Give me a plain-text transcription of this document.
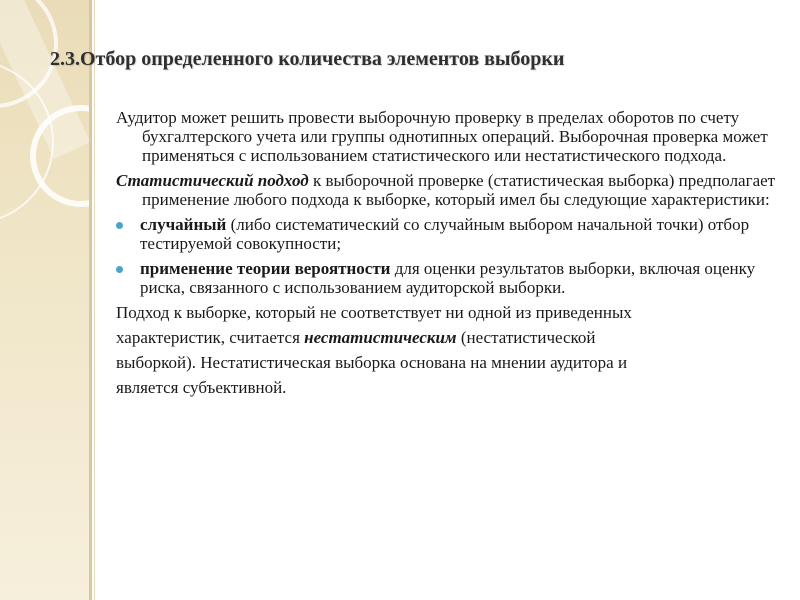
2.3.Отбор определенного количества элементов выборки

Аудитор может решить провести выборочную проверку в пределах оборотов по счету бухгалтерского учета или группы однотипных операций. Выборочная проверка может применяться с использованием статистического или нестатистического подхода.

Статистический подход к выборочной проверке (статистическая выборка) предполагает применение любого подхода к выборке, который имел бы следующие характеристики:

случайный (либо систематический со случайным выбором начальной точки) отбор тестируемой совокупности;
применение теории вероятности для оценки результатов выборки, включая оценку риска, связанного с использованием аудиторской выборки.

Подход к выборке, который не соответствует ни одной из приведенных

характеристик, считается нестатистическим (нестатистической

выборкой). Нестатистическая выборка основана на мнении аудитора и

является субъективной.
